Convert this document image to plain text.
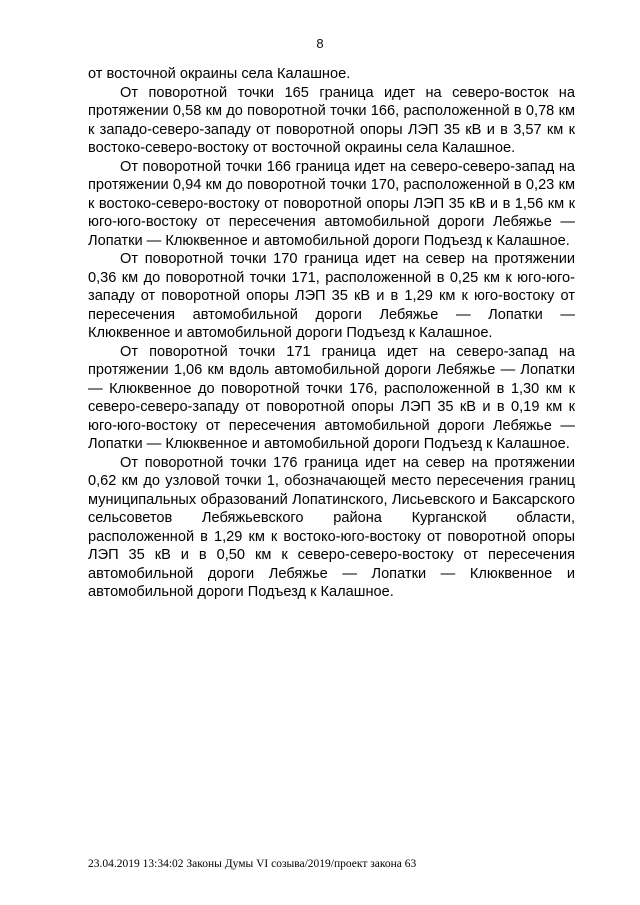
8

от восточной окраины села Калашное.

От поворотной точки 165 граница идет на северо-восток на протяжении 0,58 км до поворотной точки 166, расположенной в 0,78 км к западо-северо-западу от поворотной опоры ЛЭП 35 кВ и в 3,57 км к востоко-северо-востоку от восточной окраины села Калашное.

От поворотной точки 166 граница идет на северо-северо-запад на протяжении 0,94 км до поворотной точки 170, расположенной в 0,23 км к востоко-северо-востоку от поворотной опоры ЛЭП 35 кВ и в 1,56 км к юго-юго-востоку от пересечения автомобильной дороги Лебяжье — Лопатки — Клюквенное и автомобильной дороги Подъезд к Калашное.

От поворотной точки 170 граница идет на север на протяжении 0,36 км до поворотной точки 171, расположенной в 0,25 км к юго-юго-западу от поворотной опоры ЛЭП 35 кВ и в 1,29 км к юго-востоку от пересечения автомобильной дороги Лебяжье — Лопатки — Клюквенное и автомобильной дороги Подъезд к Калашное.

От поворотной точки 171 граница идет на северо-запад на протяжении 1,06 км вдоль автомобильной дороги Лебяжье — Лопатки — Клюквенное до поворотной точки 176, расположенной в 1,30 км к северо-северо-западу от поворотной опоры ЛЭП 35 кВ и в 0,19 км к юго-юго-востоку от пересечения автомобильной дороги Лебяжье — Лопатки — Клюквенное и автомобильной дороги Подъезд к Калашное.

От поворотной точки 176 граница идет на север на протяжении 0,62 км до узловой точки 1, обозначающей место пересечения границ муниципальных образований Лопатинского, Лисьевского и Баксарского сельсоветов Лебяжьевского района Курганской области, расположенной в 1,29 км к востоко-юго-востоку от поворотной опоры ЛЭП 35 кВ и в 0,50 км к северо-северо-востоку от пересечения автомобильной дороги Лебяжье — Лопатки — Клюквенное и автомобильной дороги Подъезд к Калашное.

23.04.2019 13:34:02 Законы Думы VI созыва/2019/проект закона 63
